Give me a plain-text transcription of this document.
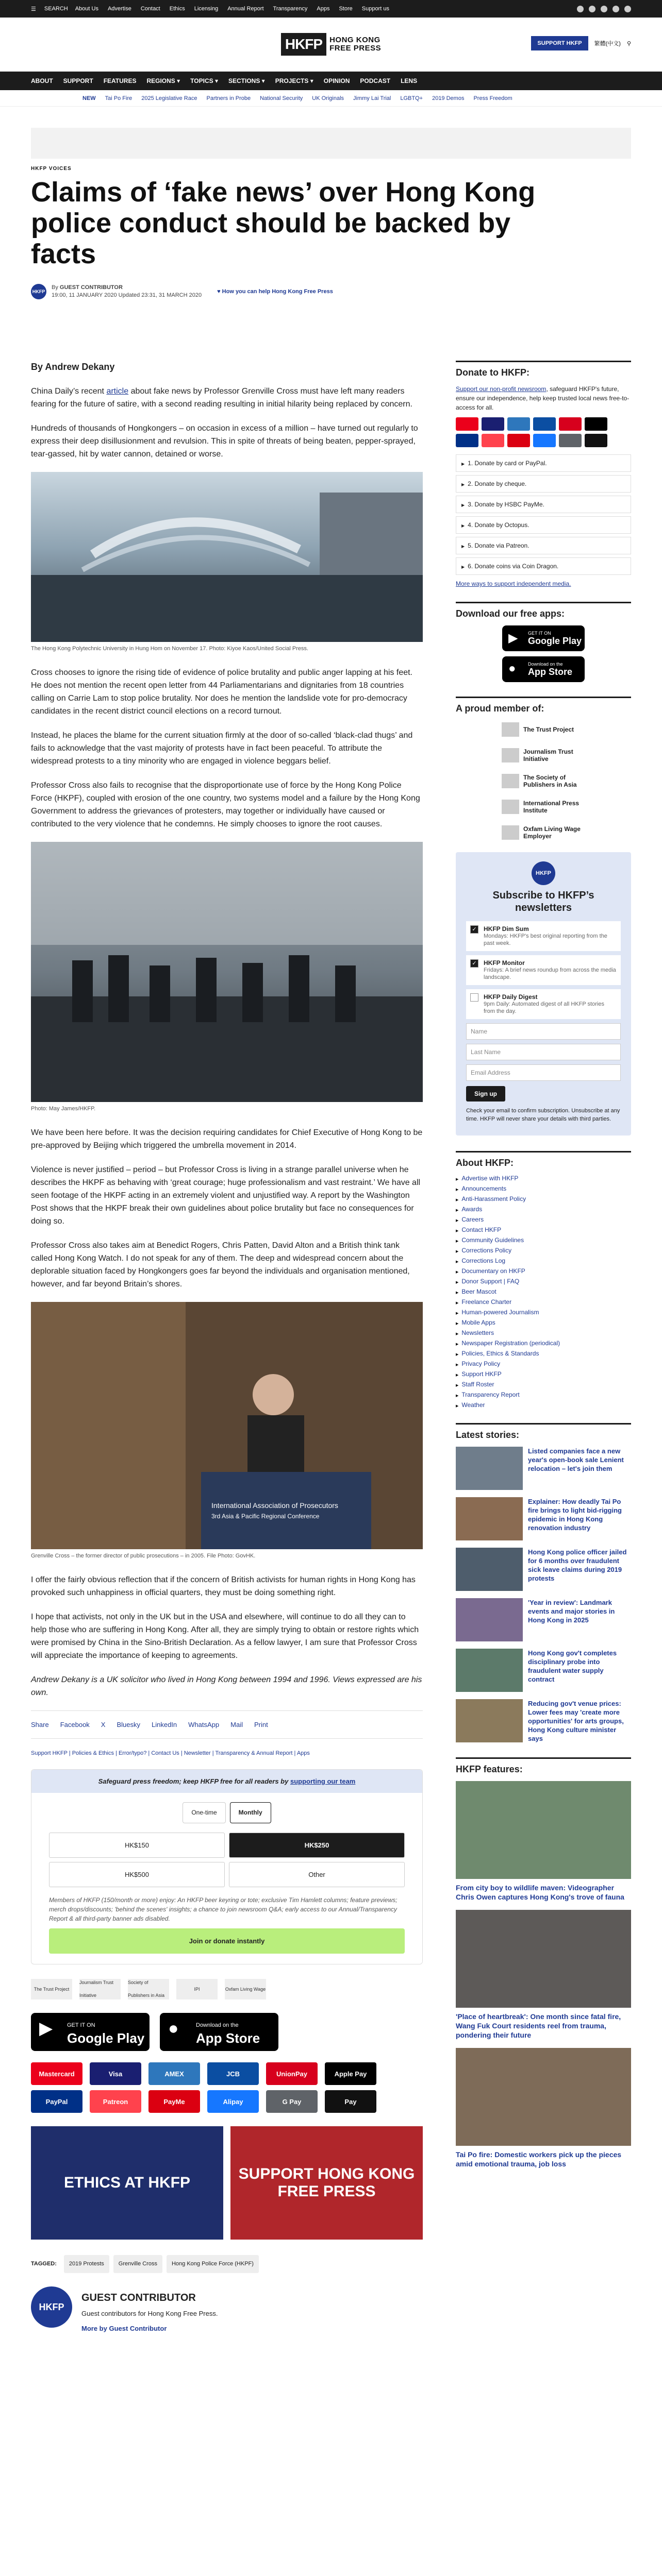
☰ SEARCH About Us Advertise Contact Ethics Licensing Annual Report Transparency Apps Store Support us
HKFP HONG KONG
FREE PRESS
SUPPORT HKFP	繁體(中文) ⚲
ABOUT SUPPORT FEATURES REGIONS ▾ TOPICS ▾ SECTIONS ▾ PROJECTS ▾ OPINION PODCAST LENS
NEW Tai Po Fire 2025 Legislative Race Partners in Probe National Security UK Originals Jimmy Lai Trial LGBTQ+ 2019 Demos Press Freedom
HKFP VOICES
Claims of ‘fake news’ over Hong Kong police conduct should be backed by facts
HKFP
By GUEST CONTRIBUTOR
19:00, 11 JANUARY 2020 Updated 23:31, 31 MARCH 2020
♥ How you can help Hong Kong Free Press
By Andrew Dekany

China Daily’s recent article about fake news by Professor Grenville Cross must have left many readers fearing for the future of satire, with a second reading resulting in initial hilarity being replaced by concern.

Hundreds of thousands of Hongkongers – on occasion in excess of a million – have turned out regularly to express their deep disillusionment and revulsion. This in spite of threats of being beaten, pepper-sprayed, tear-gassed, hit by water cannon, detained or worse.

The Hong Kong Polytechnic University in Hung Hom on November 17. Photo: Kiyoe Kaos/United Social Press.

Cross chooses to ignore the rising tide of evidence of police brutality and public anger lapping at his feet. He does not mention the recent open letter from 44 Parliamentarians and dignitaries from 18 countries calling on Carrie Lam to stop police brutality. Nor does he mention the landslide vote for pro-democracy candidates in the recent district council elections on a record turnout.

Instead, he places the blame for the current situation firmly at the door of so-called ‘black-clad thugs’ and fails to acknowledge that the vast majority of protests have in fact been peaceful. To attribute the widespread protests to a tiny minority who are engaged in violence beggars belief.

Professor Cross also fails to recognise that the disproportionate use of force by the Hong Kong Police Force (HKPF), coupled with erosion of the one country, two systems model and a failure by the Hong Kong Government to address the grievances of protesters, may together or individually have caused or contributed to the very violence that he condemns. He simply chooses to ignore the root causes.

Photo: May James/HKFP.

We have been here before. It was the decision requiring candidates for Chief Executive of Hong Kong to be pre-approved by Beijing which triggered the umbrella movement in 2014.

Violence is never justified – period – but Professor Cross is living in a strange parallel universe when he describes the HKPF as behaving with ‘great courage; huge professionalism and vast restraint.’ We have all seen footage of the HKPF acting in an extremely violent and unjustified way. A report by the Washington Post shows that the HKPF break their own guidelines about police brutality but face no consequences for doing so.

Professor Cross also takes aim at Benedict Rogers, Chris Patten, David Alton and a British think tank called Hong Kong Watch. I do not speak for any of them. The deep and widespread concern about the deplorable situation faced by Hongkongers goes far beyond the individuals and organisation mentioned, however, and far beyond Britain’s shores.

International Association of Prosecutors
3rd Asia & Pacific Regional Conference
Grenville Cross – the former director of public prosecutions – in 2005. File Photo: GovHK.

I offer the fairly obvious reflection that if the concern of British activists for human rights in Hong Kong has provoked such unhappiness in official quarters, they must be doing something right.

I hope that activists, not only in the UK but in the USA and elsewhere, will continue to do all they can to help those who are suffering in Hong Kong. After all, they are simply trying to obtain or restore rights which were promised by China in the Sino-British Declaration. As a fellow lawyer, I am sure that Professor Cross will appreciate the importance of keeping to agreements.

Andrew Dekany is a UK solicitor who lived in Hong Kong between 1994 and 1996. Views expressed are his own.

Share Facebook X Bluesky LinkedIn WhatsApp Mail Print
Support HKFP | Policies & Ethics | Error/typo? | Contact Us | Newsletter | Transparency & Annual Report | Apps
Safeguard press freedom; keep HKFP free for all readers by supporting our team
One-time	Monthly
HK$150	HK$250
HK$500	Other
Members of HKFP (150/month or more) enjoy: An HKFP beer keyring or tote; exclusive Tim Hamlett columns; feature previews; merch drops/discounts; 'behind the scenes' insights; a chance to join newsroom Q&A; early access to our Annual/Transparency Report & all third-party banner ads disabled.
Join or donate instantly
The Trust Project
Journalism Trust Initiative
Society of Publishers in Asia
IPI	Oxfam Living Wage
▶	GET IT ON
Google Play ●	Download on the
App Store
Mastercard	Visa	AMEX	JCB	UnionPay	Apple Pay
PayPal	Patreon	PayMe	Alipay	G Pay	Pay
ETHICS AT HKFP
SUPPORT HONG KONG FREE PRESS
TAGGED:	2019 Protests	Grenville Cross	Hong Kong Police Force (HKPF)
HKFP
GUEST CONTRIBUTOR

Guest contributors for Hong Kong Free Press.

More by Guest Contributor
Donate to HKFP:
Support our non-profit newsroom, safeguard HKFP's future, ensure our independence, help keep trusted local news free-to-access for all.
▶ 1. Donate by card or PayPal.
▶ 2. Donate by cheque.
▶ 3. Donate by HSBC PayMe.
▶ 4. Donate by Octopus.
▶ 5. Donate via Patreon.
▶ 6. Donate coins via Coin Dragon.
More ways to support independent media.
Download our free apps:
▶ GET IT ON
Google Play
●	Download on the
App Store
A proud member of:
The Trust Project
Journalism Trust Initiative
The Society of Publishers in Asia
International Press Institute
Oxfam Living Wage Employer
HKFP
Subscribe to HKFP’s newsletters
✓ HKFP Dim Sum
Mondays: HKFP's best original reporting from the past week.
✓ HKFP Monitor
Fridays: A brief news roundup from across the media landscape.
HKFP Daily Digest
9pm Daily: Automated digest of all HKFP stories from the day.
Name
Last Name
Email Address
Sign up
Check your email to confirm subscription. Unsubscribe at any time. HKFP will never share your details with third parties.
About HKFP:
▶ Advertise with HKFP
▶ Announcements
▶ Anti-Harassment Policy
▶ Awards
▶ Careers
▶ Contact HKFP
▶ Community Guidelines
▶ Corrections Policy
▶ Corrections Log
▶ Documentary on HKFP
▶ Donor Support | FAQ
▶ Beer Mascot
▶ Freelance Charter
▶ Human-powered Journalism
▶ Mobile Apps
▶ Newsletters
▶ Newspaper Registration (periodical)
▶ Policies, Ethics & Standards
▶ Privacy Policy
▶ Support HKFP
▶ Staff Roster
▶ Transparency Report
▶ Weather
Latest stories:
Listed companies face a new year's open-book sale Lenient relocation – let's join them
Explainer: How deadly Tai Po fire brings to light bid-rigging epidemic in Hong Kong renovation industry
Hong Kong police officer jailed for 6 months over fraudulent sick leave claims during 2019 protests
'Year in review': Landmark events and major stories in Hong Kong in 2025
Hong Kong gov't completes disciplinary probe into fraudulent water supply contract
Reducing gov't venue prices: Lower fees may 'create more opportunities' for arts groups, Hong Kong culture minister says
HKFP features:
From city boy to wildlife maven: Videographer Chris Owen captures Hong Kong's trove of fauna
'Place of heartbreak': One month since fatal fire, Wang Fuk Court residents reel from trauma, pondering their future
Tai Po fire: Domestic workers pick up the pieces amid emotional trauma, job loss
